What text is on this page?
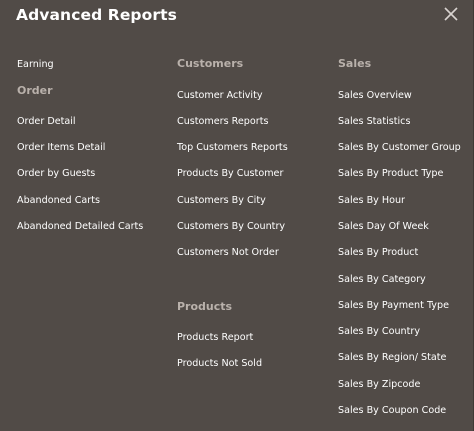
Advanced Reports
Earning
Order
Order Detail
Order Items Detail
Order by Guests
Abandoned Carts
Abandoned Detailed Carts
Customers
Customer Activity
Customers Reports
Top Customers Reports
Products By Customer
Customers By City
Customers By Country
Customers Not Order
Products
Products Report
Products Not Sold
Sales
Sales Overview
Sales Statistics
Sales By Customer Group
Sales By Product Type
Sales By Hour
Sales Day Of Week
Sales By Product
Sales By Category
Sales By Payment Type
Sales By Country
Sales By Region/ State
Sales By Zipcode
Sales By Coupon Code
